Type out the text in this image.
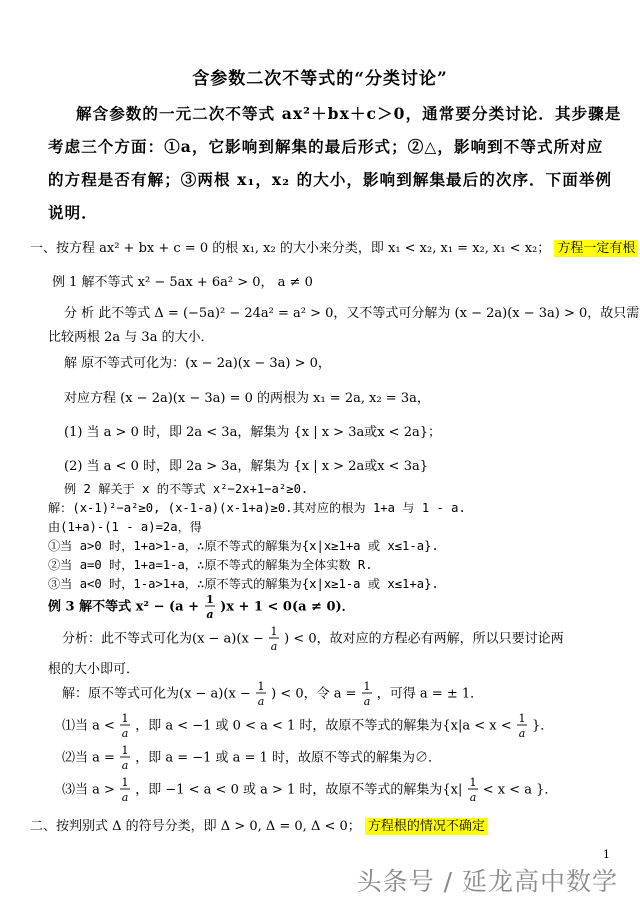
含参数二次不等式的“分类讨论”
解含参数的一元二次不等式 ax²＋bx＋c＞0，通常要分类讨论．其步骤是
考虑三个方面：①a，它影响到解集的最后形式；②△，影响到不等式所对应
的方程是否有解；③两根 x₁，x₂ 的大小，影响到解集最后的次序．下面举例
说明．
一、按方程 ax² + bx + c = 0 的根 x₁, x₂ 的大小来分类，即 x₁ < x₂, x₁ = x₂, x₁ < x₂； 方程一定有根
例 1 解不等式 x² − 5ax + 6a² > 0， a ≠ 0
分 析 此不等式 Δ = (−5a)² − 24a² = a² > 0，又不等式可分解为 (x − 2a)(x − 3a) > 0，故只需
比较两根 2a 与 3a 的大小．
解 原不等式可化为：(x − 2a)(x − 3a) > 0，
对应方程 (x − 2a)(x − 3a) = 0 的两根为 x₁ = 2a, x₂ = 3a，
(1) 当 a > 0 时，即 2a < 3a，解集为 {x | x > 3a或x < 2a}；
(2) 当 a < 0 时，即 2a > 3a，解集为 {x | x > 2a或x < 3a}
例 2 解关于 x 的不等式 x²−2x+1−a²≥0.
解：(x-1)²−a²≥0, (x-1-a)(x-1+a)≥0.其对应的根为 1+a 与 1 - a.
由(1+a)-(1 - a)=2a，得
①当 a>0 时，1+a>1-a，∴原不等式的解集为{x|x≥1+a 或 x≤1-a}.
②当 a=0 时，1+a=1-a，∴原不等式的解集为全体实数 R.
③当 a<0 时，1-a>1+a，∴原不等式的解集为{x|x≥1-a 或 x≤1+a}.
例 3 解不等式 x² − (a + 1
a )x + 1 < 0(a ≠ 0)．
分析：此不等式可化为(x − a)(x − 1
a ) < 0，故对应的方程必有两解，所以只要讨论两
根的大小即可．
解：原不等式可化为(x − a)(x − 1
a ) < 0，令 a = 1
a ，可得 a = ± 1．
⑴当 a < 1
a ，即 a < −1 或 0 < a < 1 时，故原不等式的解集为{x|a < x < 1
a }．
⑵当 a = 1
a ，即 a = −1 或 a = 1 时，故原不等式的解集为∅．
⑶当 a > 1
a ，即 −1 < a < 0 或 a > 1 时，故原不等式的解集为{x| 1
a < x < a }．
二、按判别式 Δ 的符号分类，即 Δ > 0, Δ = 0, Δ < 0； 方程根的情况不确定
1
头条号 / 延龙高中数学
